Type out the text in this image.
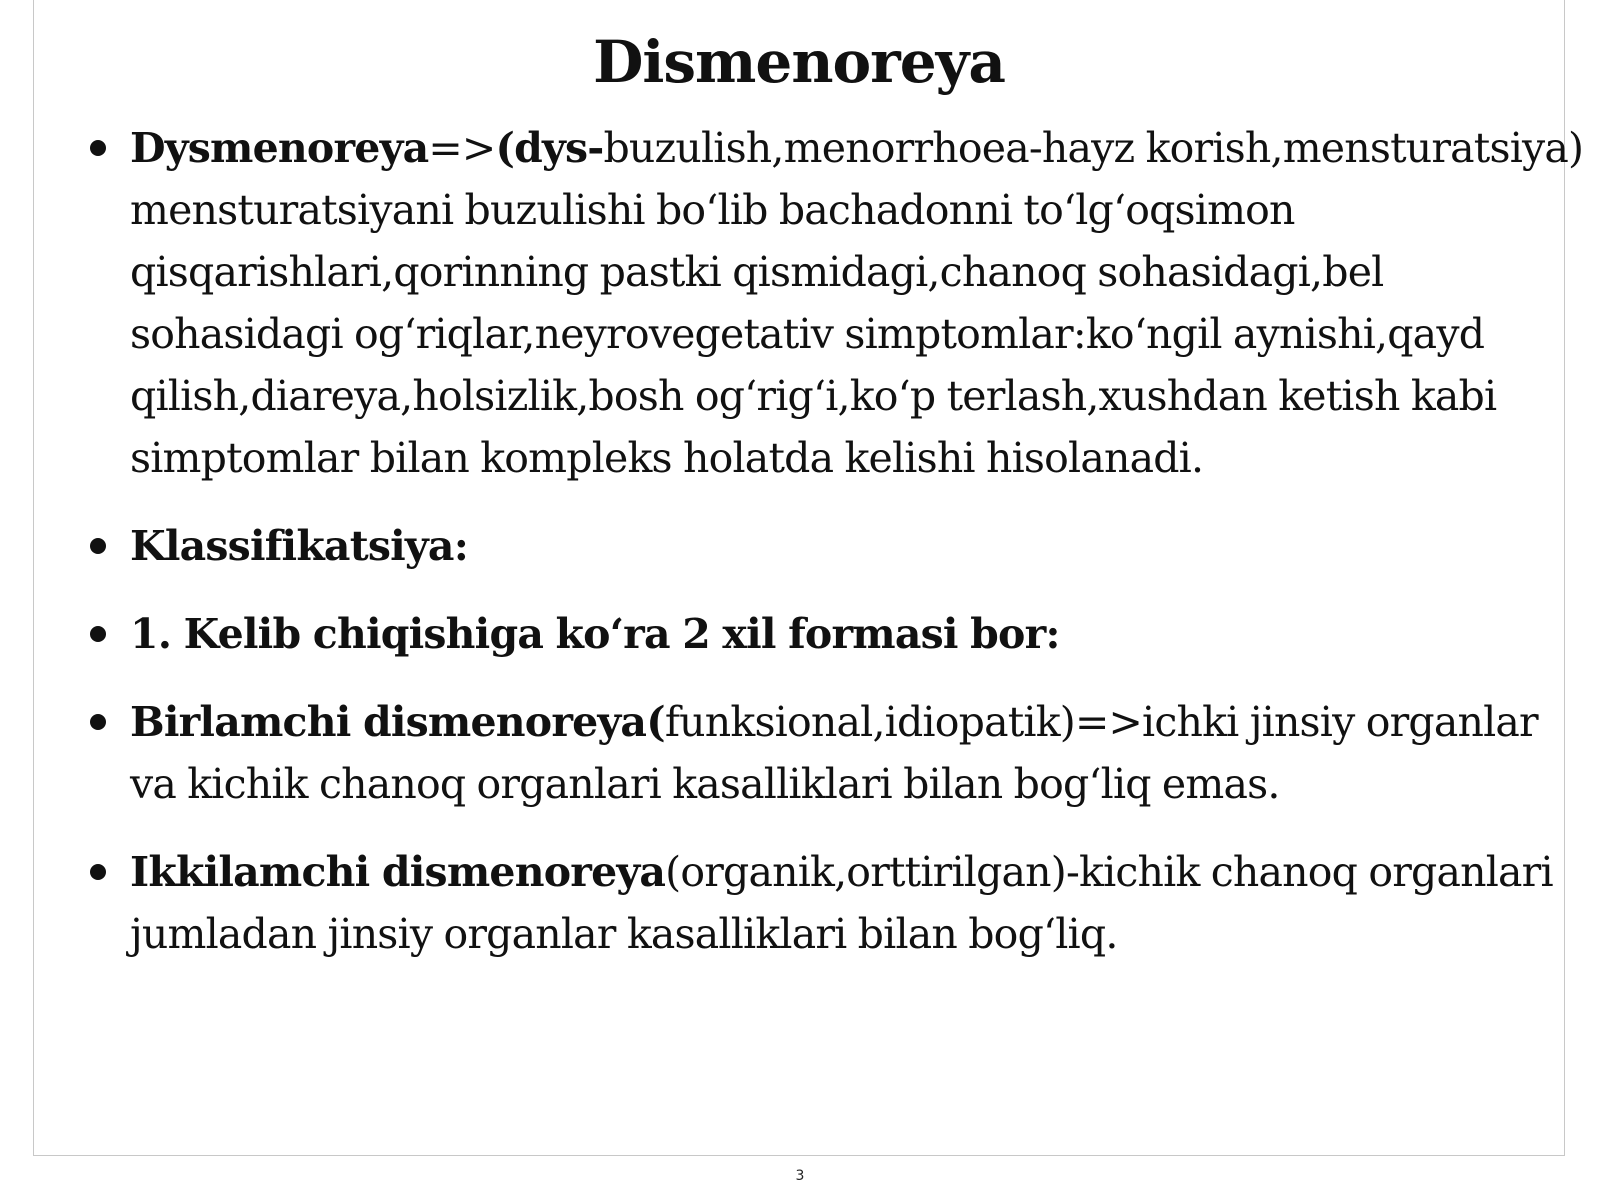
Dismenoreya
Dysmenoreya=>(dys-buzulish,menorrhoea-hayz korish,mensturatsiya) mensturatsiyani buzulishi bo‘lib bachadonni to‘lg‘oqsimon qisqarishlari,qorinning pastki qismidagi,chanoq sohasidagi,bel sohasidagi og‘riqlar,neyrovegetativ simptomlar:ko‘ngil aynishi,qayd qilish,diareya,holsizlik,bosh og‘rig‘i,ko‘p terlash,xushdan ketish kabi simptomlar bilan kompleks holatda kelishi hisolanadi.
Klassifikatsiya:
1. Kelib chiqishiga ko‘ra 2 xil formasi bor:
Birlamchi dismenoreya(funksional,idiopatik)=>ichki jinsiy organlar va kichik chanoq organlari kasalliklari bilan bog‘liq emas.
Ikkilamchi dismenoreya(organik,orttirilgan)-kichik chanoq organlari jumladan jinsiy organlar kasalliklari bilan bog‘liq.
3
